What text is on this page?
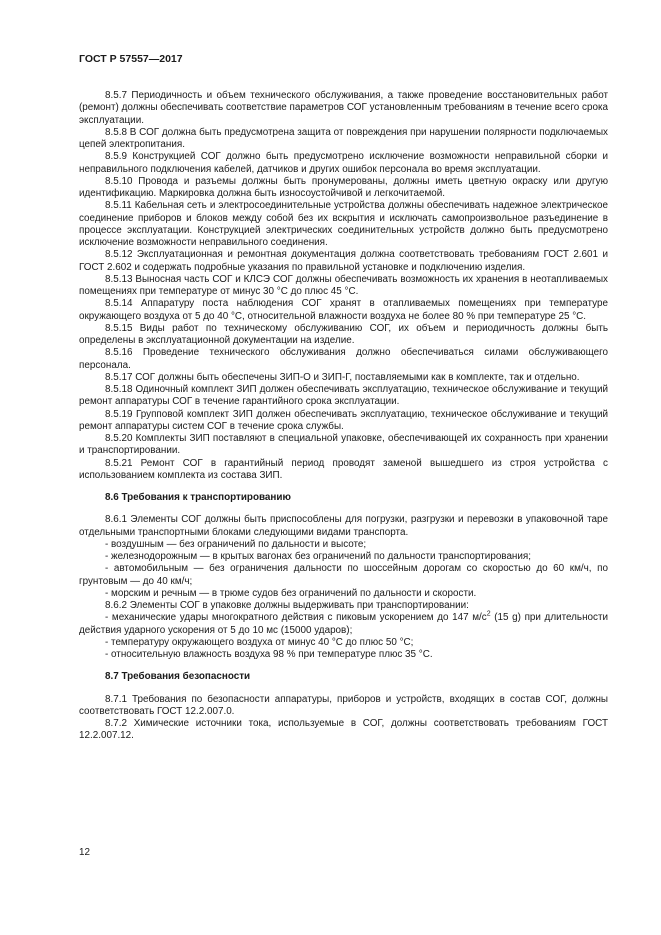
ГОСТ Р 57557—2017

8.5.7 Периодичность и объем технического обслуживания, а также проведение восстановительных работ (ремонт) должны обеспечивать соответствие параметров СОГ установленным требованиям в течение всего срока эксплуатации.

8.5.8 В СОГ должна быть предусмотрена защита от повреждения при нарушении полярности подключаемых цепей электропитания.

8.5.9 Конструкцией СОГ должно быть предусмотрено исключение возможности неправильной сборки и неправильного подключения кабелей, датчиков и других ошибок персонала во время эксплуатации.

8.5.10 Провода и разъемы должны быть пронумерованы, должны иметь цветную окраску или другую идентификацию. Маркировка должна быть износоустойчивой и легкочитаемой.

8.5.11 Кабельная сеть и электросоединительные устройства должны обеспечивать надежное электрическое соединение приборов и блоков между собой без их вскрытия и исключать самопроизвольное разъединение в процессе эксплуатации. Конструкцией электрических соединительных устройств должно быть предусмотрено исключение возможности неправильного соединения.

8.5.12 Эксплуатационная и ремонтная документация должна соответствовать требованиям ГОСТ 2.601 и ГОСТ 2.602 и содержать подробные указания по правильной установке и подключению изделия.

8.5.13 Выносная часть СОГ и КЛСЭ СОГ должны обеспечивать возможность их хранения в неотапливаемых помещениях при температуре от минус 30 °С до плюс 45 °С.

8.5.14 Аппаратуру поста наблюдения СОГ хранят в отапливаемых помещениях при температуре окружающего воздуха от 5 до 40 °С, относительной влажности воздуха не более 80 % при температуре 25 °С.

8.5.15 Виды работ по техническому обслуживанию СОГ, их объем и периодичность должны быть определены в эксплуатационной документации на изделие.

8.5.16 Проведение технического обслуживания должно обеспечиваться силами обслуживающего персонала.

8.5.17 СОГ должны быть обеспечены ЗИП-О и ЗИП-Г, поставляемыми как в комплекте, так и отдельно.

8.5.18 Одиночный комплект ЗИП должен обеспечивать эксплуатацию, техническое обслуживание и текущий ремонт аппаратуры СОГ в течение гарантийного срока эксплуатации.

8.5.19 Групповой комплект ЗИП должен обеспечивать эксплуатацию, техническое обслуживание и текущий ремонт аппаратуры систем СОГ в течение срока службы.

8.5.20 Комплекты ЗИП поставляют в специальной упаковке, обеспечивающей их сохранность при хранении и транспортировании.

8.5.21 Ремонт СОГ в гарантийный период проводят заменой вышедшего из строя устройства с использованием комплекта из состава ЗИП.

8.6 Требования к транспортированию

8.6.1 Элементы СОГ должны быть приспособлены для погрузки, разгрузки и перевозки в упаковочной таре отдельными транспортными блоками следующими видами транспорта.

- воздушным — без ограничений по дальности и высоте;

- железнодорожным — в крытых вагонах без ограничений по дальности транспортирования;

- автомобильным — без ограничения дальности по шоссейным дорогам со скоростью до 60 км/ч, по грунтовым — до 40 км/ч;

- морским и речным — в трюме судов без ограничений по дальности и скорости.

8.6.2 Элементы СОГ в упаковке должны выдерживать при транспортировании:

- механические удары многократного действия с пиковым ускорением до 147 $м/с^2$ (15 g) при длительности действия ударного ускорения от 5 до 10 мс (15000 ударов);

- температуру окружающего воздуха от минус 40 °С до плюс 50 °С;

- относительную влажность воздуха 98 % при температуре плюс 35 °С.

8.7 Требования безопасности

8.7.1 Требования по безопасности аппаратуры, приборов и устройств, входящих в состав СОГ, должны соответствовать ГОСТ 12.2.007.0.

8.7.2 Химические источники тока, используемые в СОГ, должны соответствовать требованиям ГОСТ 12.2.007.12.

12
